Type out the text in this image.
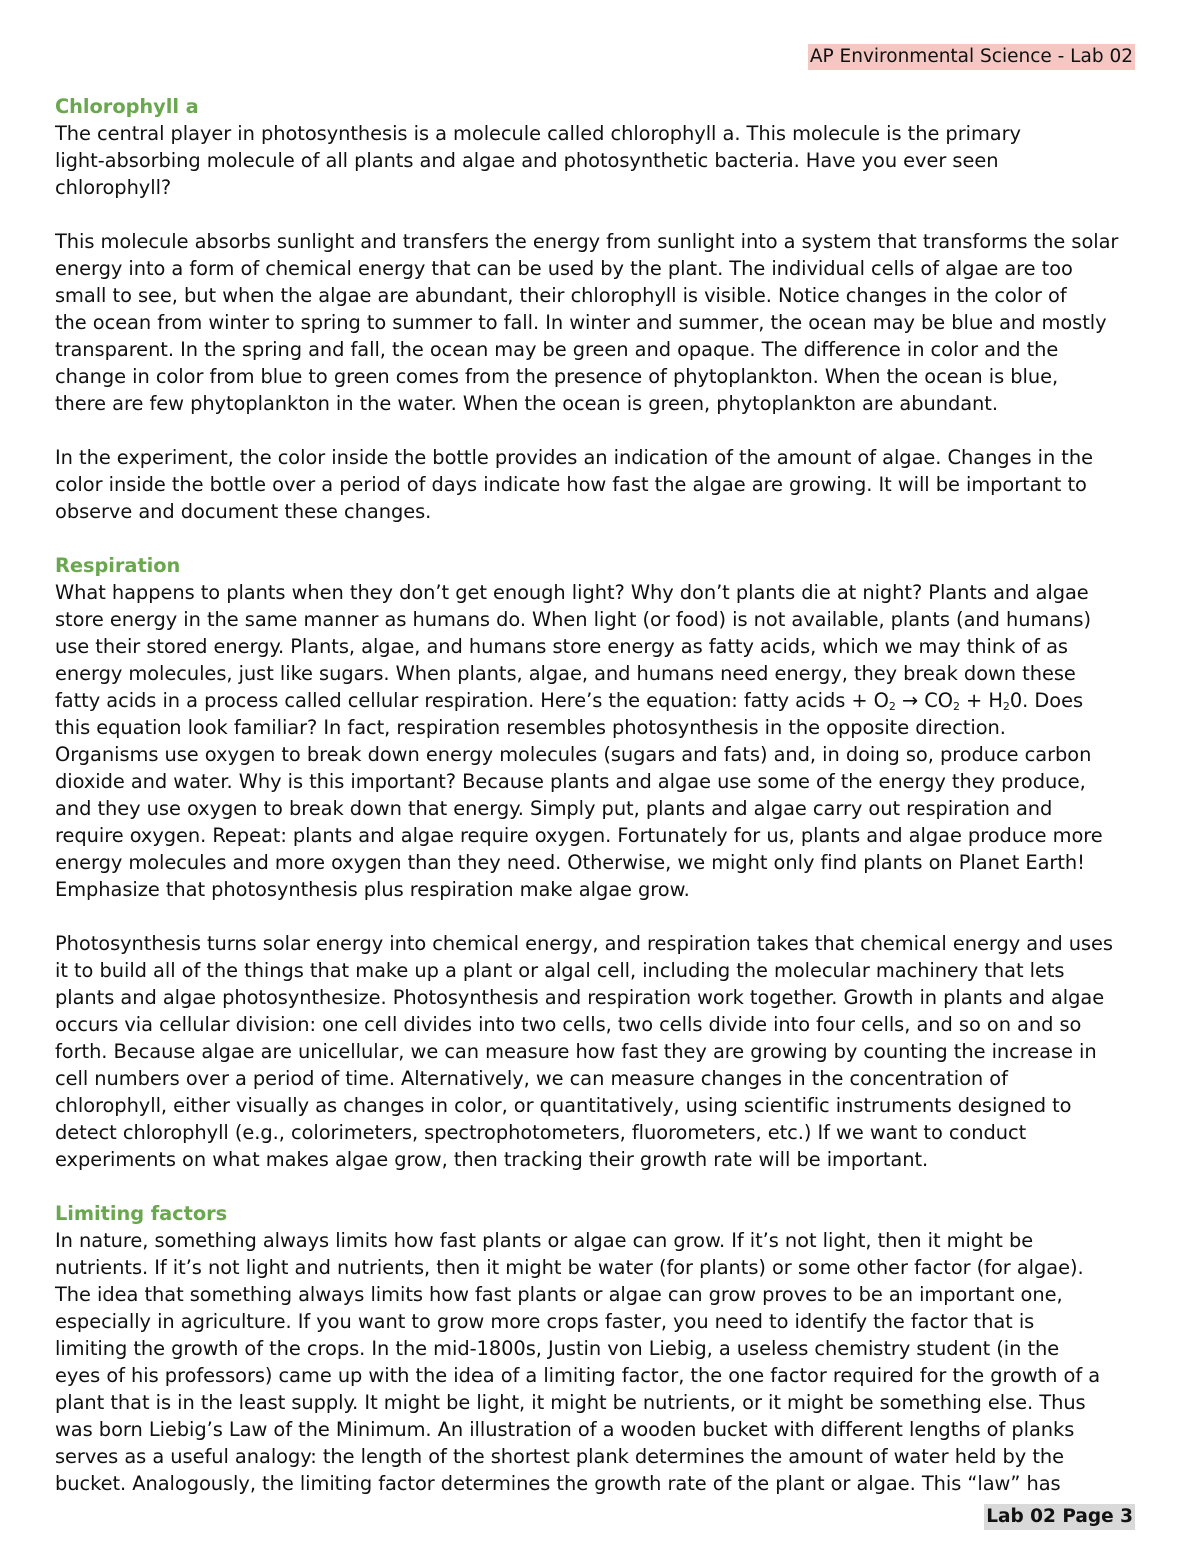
AP Environmental Science - Lab 02
Chlorophyll a
The central player in photosynthesis is a molecule called chlorophyll a. This molecule is the primary
light-absorbing molecule of all plants and algae and photosynthetic bacteria. Have you ever seen
chlorophyll?
This molecule absorbs sunlight and transfers the energy from sunlight into a system that transforms the solar
energy into a form of chemical energy that can be used by the plant. The individual cells of algae are too
small to see, but when the algae are abundant, their chlorophyll is visible. Notice changes in the color of
the ocean from winter to spring to summer to fall. In winter and summer, the ocean may be blue and mostly
transparent. In the spring and fall, the ocean may be green and opaque. The difference in color and the
change in color from blue to green comes from the presence of phytoplankton. When the ocean is blue,
there are few phytoplankton in the water. When the ocean is green, phytoplankton are abundant.
In the experiment, the color inside the bottle provides an indication of the amount of algae. Changes in the
color inside the bottle over a period of days indicate how fast the algae are growing. It will be important to
observe and document these changes.
Respiration
What happens to plants when they don’t get enough light? Why don’t plants die at night? Plants and algae
store energy in the same manner as humans do. When light (or food) is not available, plants (and humans)
use their stored energy. Plants, algae, and humans store energy as fatty acids, which we may think of as
energy molecules, just like sugars. When plants, algae, and humans need energy, they break down these
fatty acids in a process called cellular respiration. Here’s the equation: fatty acids + $O_2 \to CO_2 + H_20$. Does
this equation look familiar? In fact, respiration resembles photosynthesis in the opposite direction.
Organisms use oxygen to break down energy molecules (sugars and fats) and, in doing so, produce carbon
dioxide and water. Why is this important? Because plants and algae use some of the energy they produce,
and they use oxygen to break down that energy. Simply put, plants and algae carry out respiration and
require oxygen. Repeat: plants and algae require oxygen. Fortunately for us, plants and algae produce more
energy molecules and more oxygen than they need. Otherwise, we might only find plants on Planet Earth!
Emphasize that photosynthesis plus respiration make algae grow.
Photosynthesis turns solar energy into chemical energy, and respiration takes that chemical energy and uses
it to build all of the things that make up a plant or algal cell, including the molecular machinery that lets
plants and algae photosynthesize. Photosynthesis and respiration work together. Growth in plants and algae
occurs via cellular division: one cell divides into two cells, two cells divide into four cells, and so on and so
forth. Because algae are unicellular, we can measure how fast they are growing by counting the increase in
cell numbers over a period of time. Alternatively, we can measure changes in the concentration of
chlorophyll, either visually as changes in color, or quantitatively, using scientific instruments designed to
detect chlorophyll (e.g., colorimeters, spectrophotometers, fluorometers, etc.) If we want to conduct
experiments on what makes algae grow, then tracking their growth rate will be important.
Limiting factors
In nature, something always limits how fast plants or algae can grow. If it’s not light, then it might be
nutrients. If it’s not light and nutrients, then it might be water (for plants) or some other factor (for algae).
The idea that something always limits how fast plants or algae can grow proves to be an important one,
especially in agriculture. If you want to grow more crops faster, you need to identify the factor that is
limiting the growth of the crops. In the mid-1800s, Justin von Liebig, a useless chemistry student (in the
eyes of his professors) came up with the idea of a limiting factor, the one factor required for the growth of a
plant that is in the least supply. It might be light, it might be nutrients, or it might be something else. Thus
was born Liebig’s Law of the Minimum. An illustration of a wooden bucket with different lengths of planks
serves as a useful analogy: the length of the shortest plank determines the amount of water held by the
bucket. Analogously, the limiting factor determines the growth rate of the plant or algae. This “law” has
Lab 02 Page 3
